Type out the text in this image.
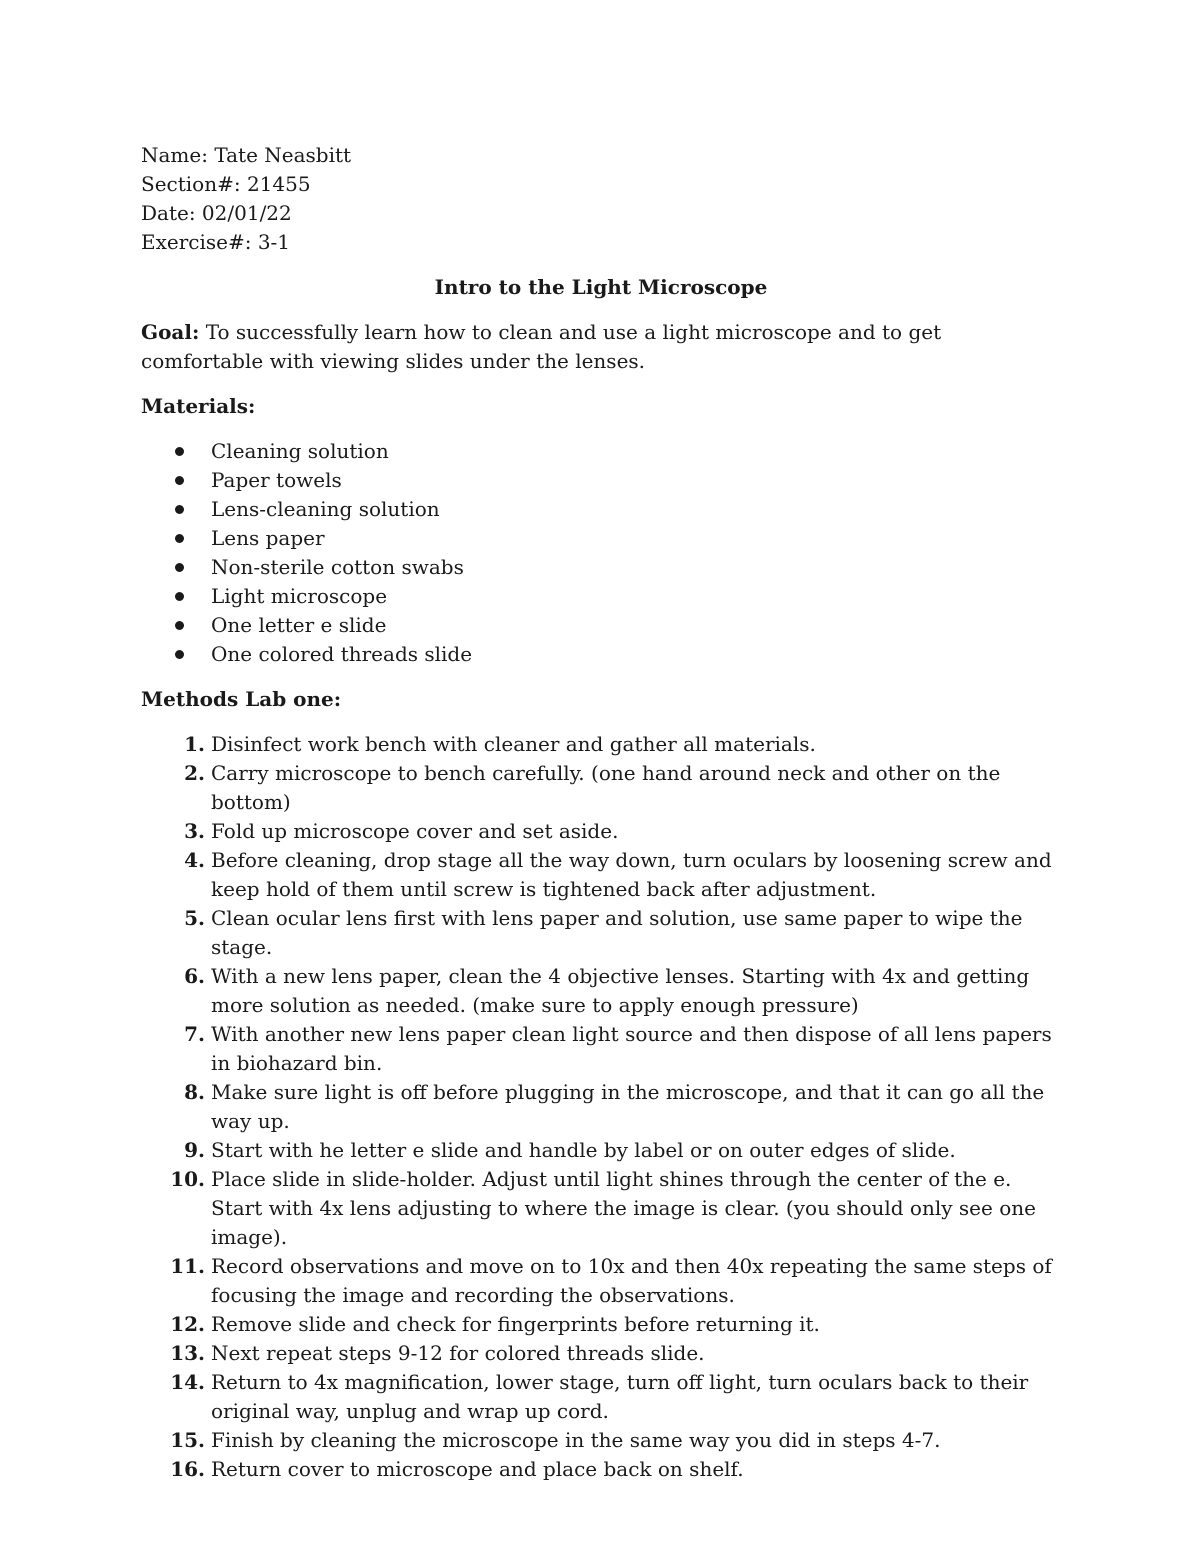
Name: Tate Neasbitt

Section#: 21455

Date: 02/01/22

Exercise#: 3-1

Intro to the Light Microscope

Goal: To successfully learn how to clean and use a light microscope and to get comfortable with viewing slides under the lenses.

Materials:

Cleaning solution
Paper towels
Lens-cleaning solution
Lens paper
Non-sterile cotton swabs
Light microscope
One letter e slide
One colored threads slide

Methods Lab one:

1. Disinfect work bench with cleaner and gather all materials.
2. Carry microscope to bench carefully. (one hand around neck and other on the bottom)
3. Fold up microscope cover and set aside.
4. Before cleaning, drop stage all the way down, turn oculars by loosening screw and keep hold of them until screw is tightened back after adjustment.
5. Clean ocular lens first with lens paper and solution, use same paper to wipe the stage.
6. With a new lens paper, clean the 4 objective lenses. Starting with 4x and getting more solution as needed. (make sure to apply enough pressure)
7. With another new lens paper clean light source and then dispose of all lens papers in biohazard bin.
8. Make sure light is off before plugging in the microscope, and that it can go all the way up.
9. Start with he letter e slide and handle by label or on outer edges of slide.
10. Place slide in slide-holder. Adjust until light shines through the center of the e. Start with 4x lens adjusting to where the image is clear. (you should only see one image).
11. Record observations and move on to 10x and then 40x repeating the same steps of focusing the image and recording the observations.
12. Remove slide and check for fingerprints before returning it.
13. Next repeat steps 9-12 for colored threads slide.
14. Return to 4x magnification, lower stage, turn off light, turn oculars back to their original way, unplug and wrap up cord.
15. Finish by cleaning the microscope in the same way you did in steps 4-7.
16. Return cover to microscope and place back on shelf.
